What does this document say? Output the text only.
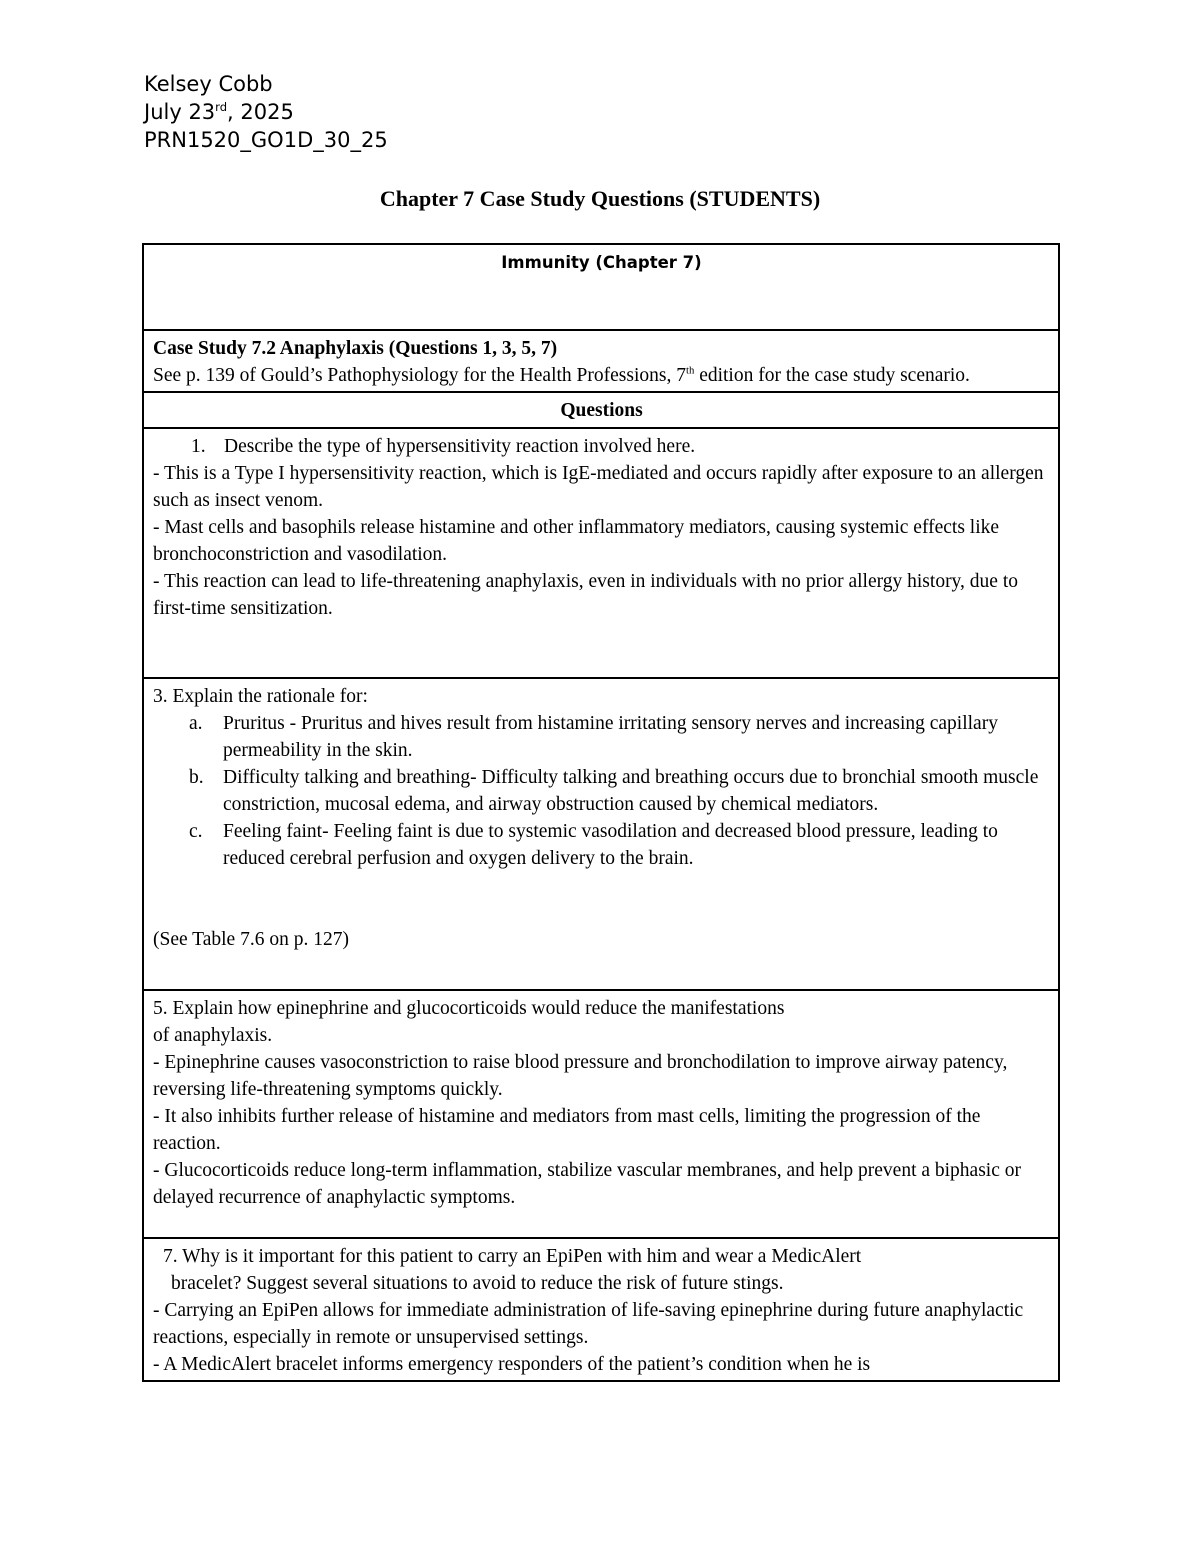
Kelsey Cobb
July 23rd, 2025
PRN1520_GO1D_30_25
Chapter 7 Case Study Questions (STUDENTS)
Immunity (Chapter 7)

Case Study 7.2 Anaphylaxis (Questions 1, 3, 5, 7)
See p. 139 of Gould’s Pathophysiology for the Health Professions, 7th edition for the case study scenario.

Questions

1. Describe the type of hypersensitivity reaction involved here.
- This is a Type I hypersensitivity reaction, which is IgE-mediated and occurs rapidly after exposure to an allergen such as insect venom.
- Mast cells and basophils release histamine and other inflammatory mediators, causing systemic effects like bronchoconstriction and vasodilation.
- This reaction can lead to life-threatening anaphylaxis, even in individuals with no prior allergy history, due to first-time sensitization.

3. Explain the rationale for:
a. Pruritus - Pruritus and hives result from histamine irritating sensory nerves and increasing capillary permeability in the skin.
b. Difficulty talking and breathing- Difficulty talking and breathing occurs due to bronchial smooth muscle constriction, mucosal edema, and airway obstruction caused by chemical mediators.
c. Feeling faint- Feeling faint is due to systemic vasodilation and decreased blood pressure, leading to reduced cerebral perfusion and oxygen delivery to the brain.
(See Table 7.6 on p. 127)

5. Explain how epinephrine and glucocorticoids would reduce the manifestations
of anaphylaxis.
- Epinephrine causes vasoconstriction to raise blood pressure and bronchodilation to improve airway patency, reversing life-threatening symptoms quickly.
- It also inhibits further release of histamine and mediators from mast cells, limiting the progression of the reaction.
- Glucocorticoids reduce long-term inflammation, stabilize vascular membranes, and help prevent a biphasic or delayed recurrence of anaphylactic symptoms.

7. Why is it important for this patient to carry an EpiPen with him and wear a MedicAlert
bracelet? Suggest several situations to avoid to reduce the risk of future stings.
- Carrying an EpiPen allows for immediate administration of life-saving epinephrine during future anaphylactic reactions, especially in remote or unsupervised settings.
- A MedicAlert bracelet informs emergency responders of the patient’s condition when he is
